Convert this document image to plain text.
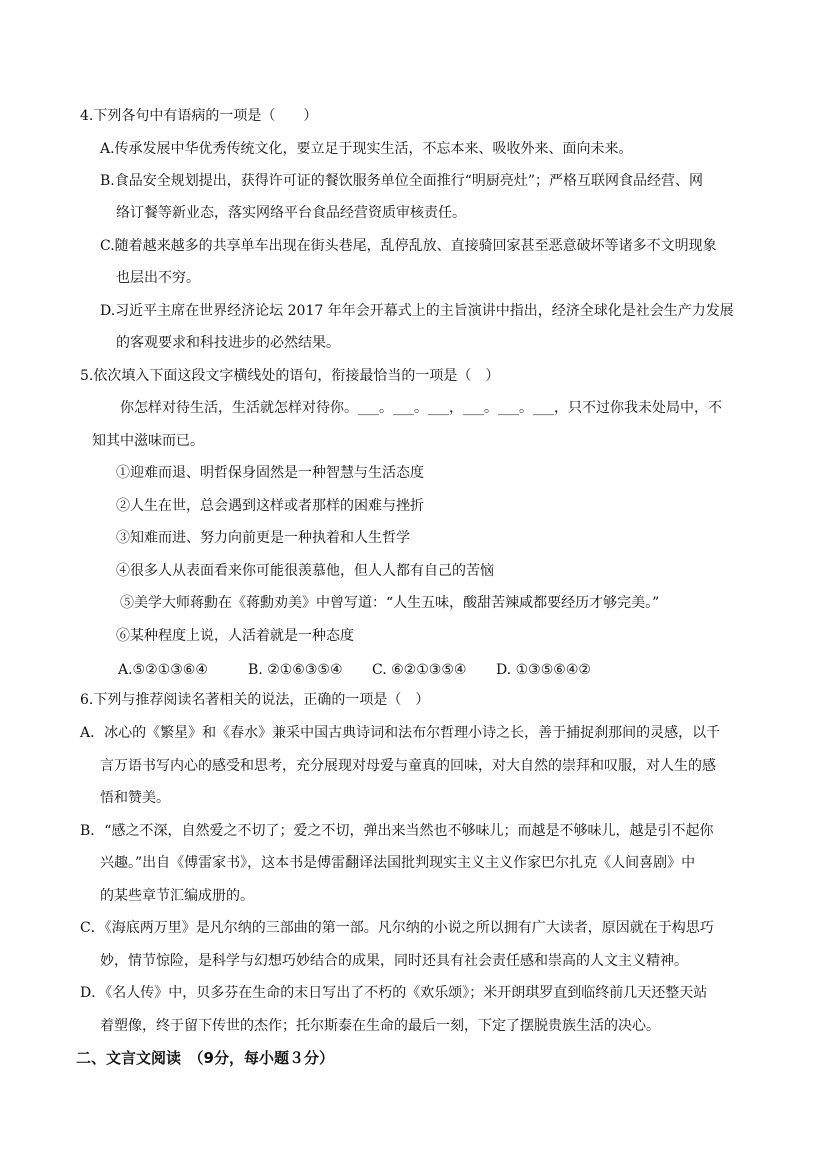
4.下列各句中有语病的一项是（　　）
A.传承发展中华优秀传统文化，要立足于现实生活，不忘本来、吸收外来、面向未来。
B.食品安全规划提出，获得许可证的餐饮服务单位全面推行“明厨亮灶”；严格互联网食品经营、网
络订餐等新业态，落实网络平台食品经营资质审核责任。
C.随着越来越多的共享单车出现在街头巷尾，乱停乱放、直接骑回家甚至恶意破坏等诸多不文明现象
也层出不穷。
D.习近平主席在世界经济论坛 2017 年年会开幕式上的主旨演讲中指出，经济全球化是社会生产力发展
的客观要求和科技进步的必然结果。
5.依次填入下面这段文字横线处的语句，衔接最恰当的一项是（　）
你怎样对待生活，生活就怎样对待你。___。___。___，___。___。___，只不过你我未处局中，不
知其中滋味而已。
①迎难而退、明哲保身固然是一种智慧与生活态度
②人生在世，总会遇到这样或者那样的困难与挫折
③知难而进、努力向前更是一种执着和人生哲学
④很多人从表面看来你可能很羡慕他，但人人都有自己的苦恼
⑤美学大师蒋勳在《蒋勳劝美》中曾写道：“人生五味，酸甜苦辣咸都要经历才够完美。”
⑥某种程度上说，人活着就是一种态度
A.⑤②①③⑥④	B. ②①⑥③⑤④ C. ⑥②①③⑤④ D. ①③⑤⑥④②
6.下列与推荐阅读名著相关的说法，正确的一项是（　）
A．冰心的《繁星》和《春水》兼采中国古典诗词和法布尔哲理小诗之长，善于捕捉刹那间的灵感，以千
言万语书写内心的感受和思考，充分展现对母爱与童真的回味，对大自然的崇拜和叹服，对人生的感
悟和赞美。
B．“感之不深，自然爱之不切了；爱之不切，弹出来当然也不够味儿；而越是不够味儿，越是引不起你
兴趣。”出自《傅雷家书》，这本书是傅雷翻译法国批判现实主义主义作家巴尔扎克《人间喜剧》中
的某些章节汇编成册的。
C．《海底两万里》是凡尔纳的三部曲的第一部。凡尔纳的小说之所以拥有广大读者，原因就在于构思巧
妙，情节惊险，是科学与幻想巧妙结合的成果，同时还具有社会责任感和崇高的人文主义精神。
D．《名人传》中，贝多芬在生命的末日写出了不朽的《欢乐颂》；米开朗琪罗直到临终前几天还整天站
着塑像，终于留下传世的杰作；托尔斯泰在生命的最后一刻，下定了摆脱贵族生活的决心。
二、文言文阅读　（9分，每小题３分）
